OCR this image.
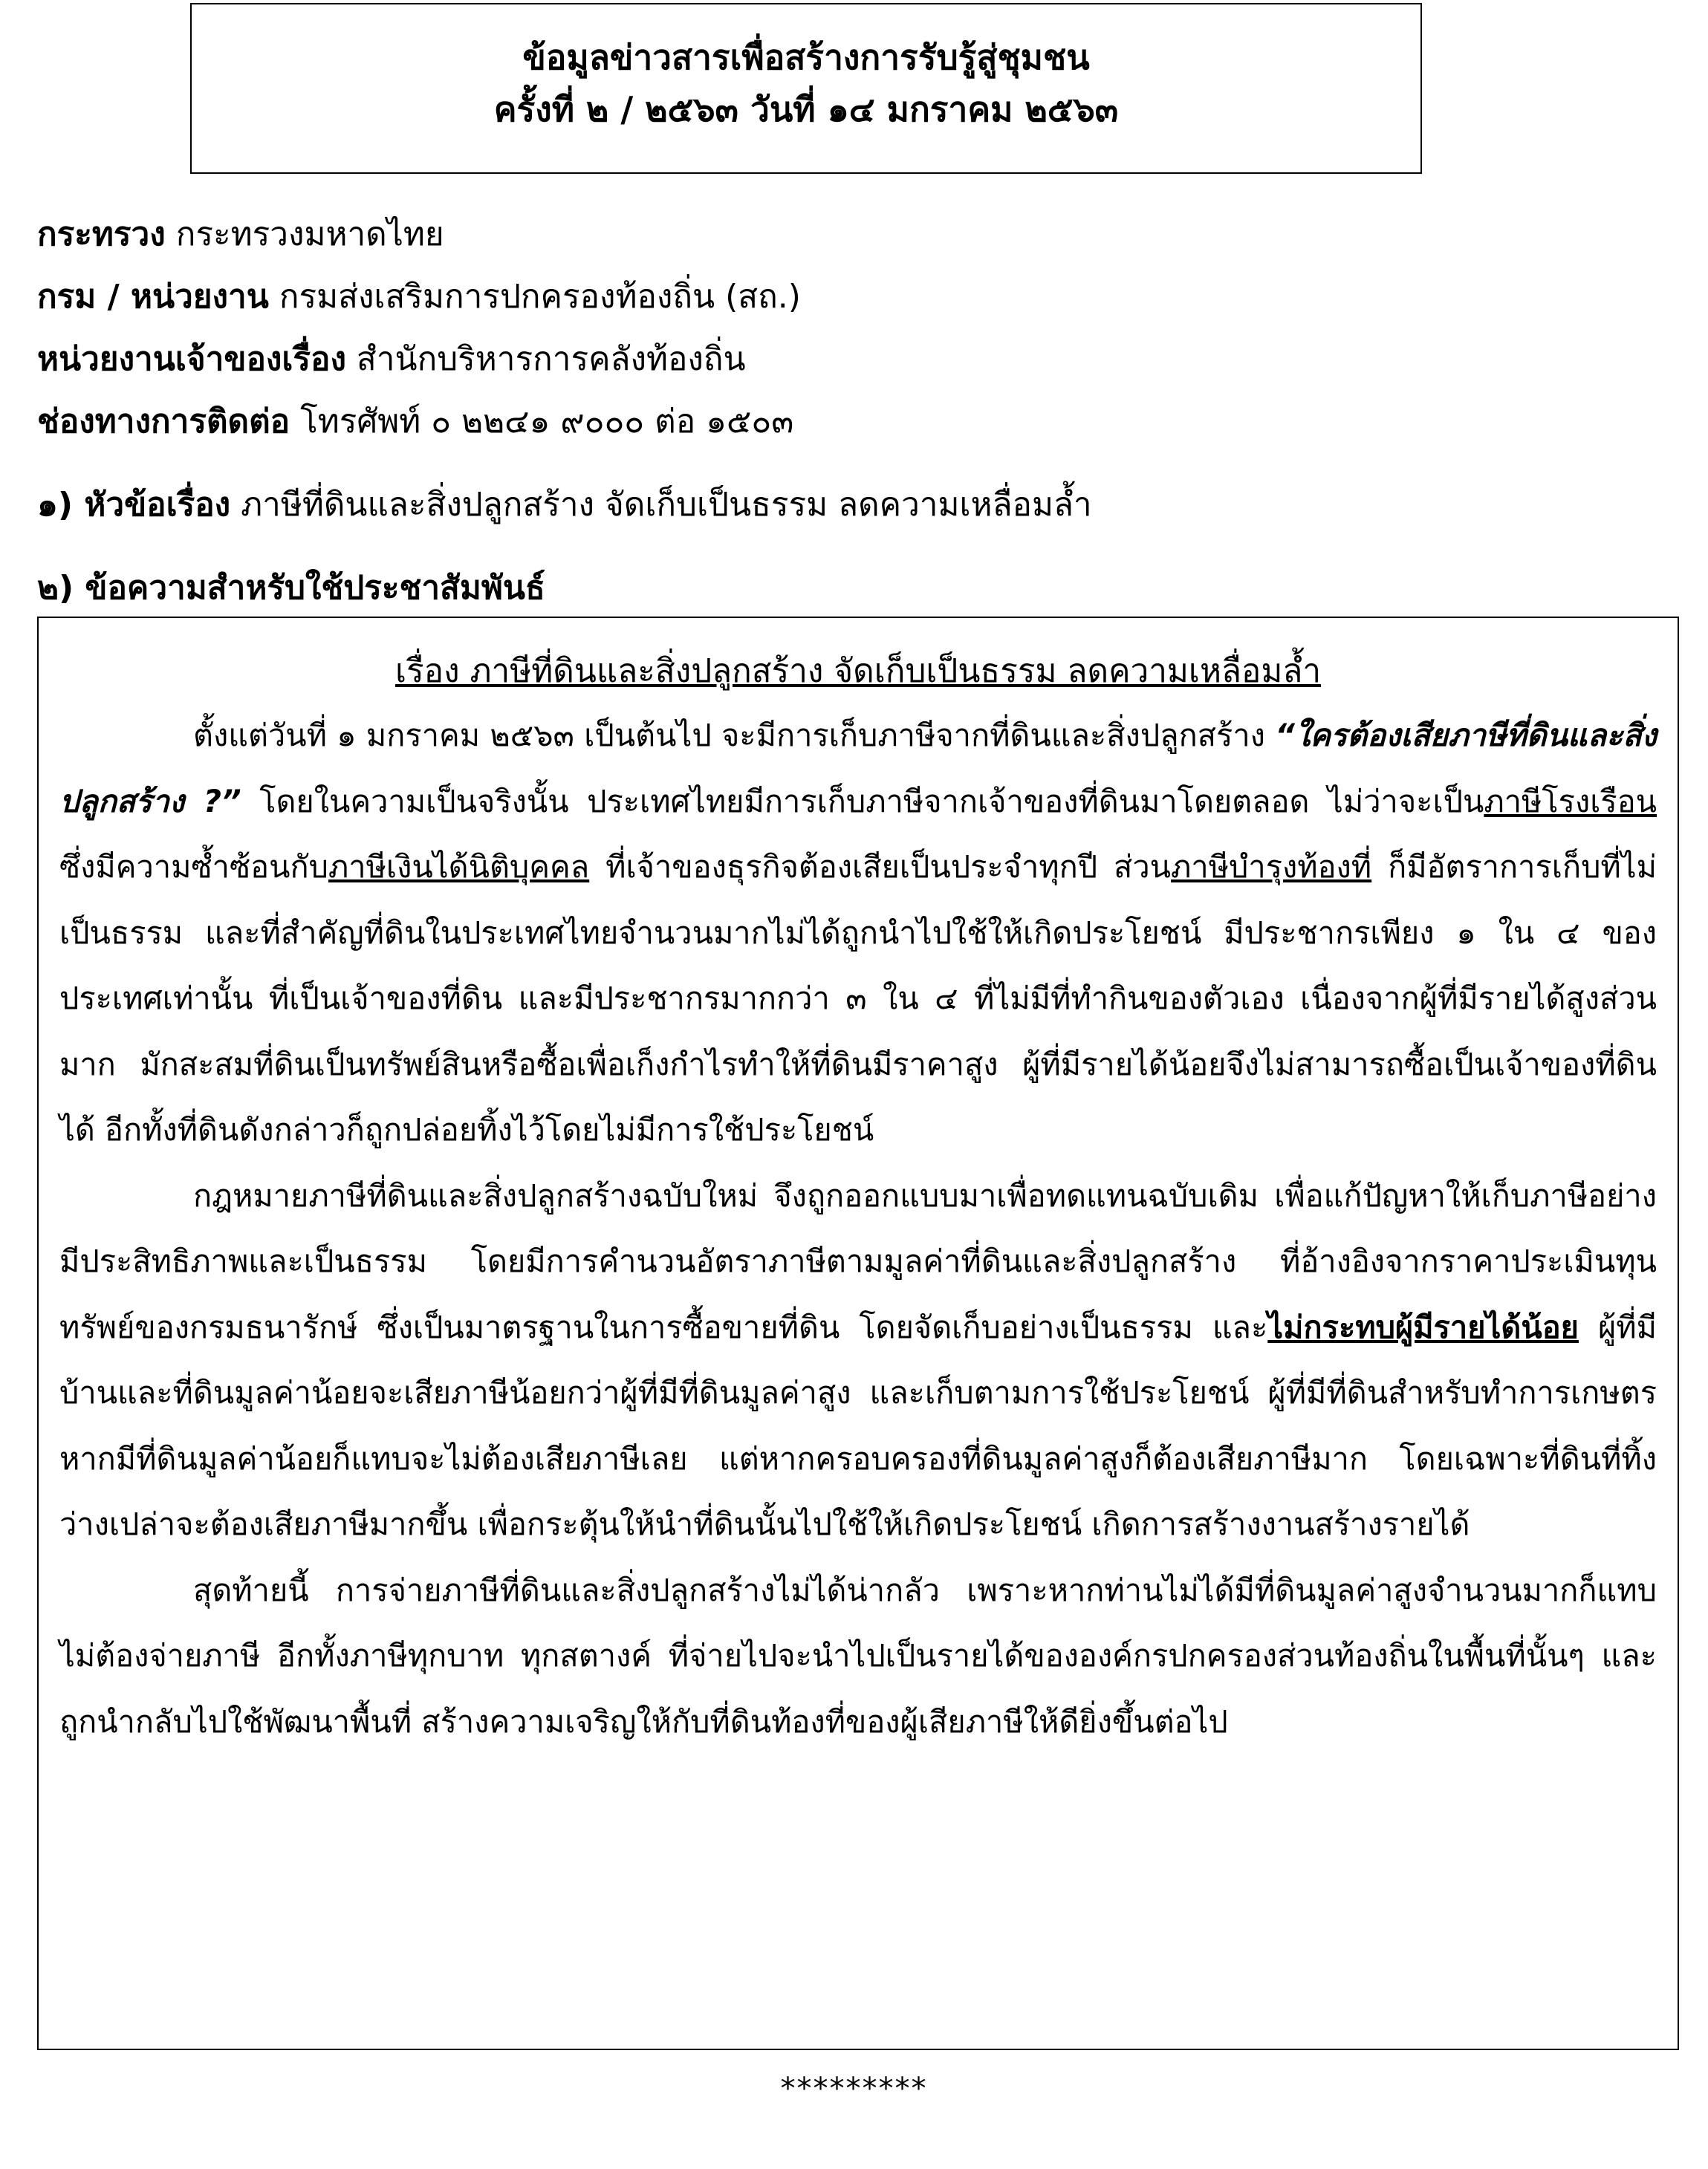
ข้อมูลข่าวสารเพื่อสร้างการรับรู้สู่ชุมชน
ครั้งที่ ๒ / ๒๕๖๓ วันที่ ๑๔ มกราคม ๒๕๖๓
กระทรวง กระทรวงมหาดไทย
กรม / หน่วยงาน กรมส่งเสริมการปกครองท้องถิ่น (สถ.)
หน่วยงานเจ้าของเรื่อง สำนักบริหารการคลังท้องถิ่น
ช่องทางการติดต่อ โทรศัพท์ ๐ ๒๒๔๑ ๙๐๐๐ ต่อ ๑๕๐๓
๑) หัวข้อเรื่อง ภาษีที่ดินและสิ่งปลูกสร้าง จัดเก็บเป็นธรรม ลดความเหลื่อมล้ำ
๒) ข้อความสำหรับใช้ประชาสัมพันธ์
เรื่อง ภาษีที่ดินและสิ่งปลูกสร้าง จัดเก็บเป็นธรรม ลดความเหลื่อมล้ำ

ตั้งแต่วันที่ ๑ มกราคม ๒๕๖๓ เป็นต้นไป จะมีการเก็บภาษีจากที่ดินและสิ่งปลูกสร้าง “ใครต้องเสียภาษีที่ดินและสิ่งปลูกสร้าง ?” โดยในความเป็นจริงนั้น ประเทศไทยมีการเก็บภาษีจากเจ้าของที่ดินมาโดยตลอด ไม่ว่าจะเป็นภาษีโรงเรือน ซึ่งมีความซ้ำซ้อนกับภาษีเงินได้นิติบุคคล ที่เจ้าของธุรกิจต้องเสียเป็นประจำทุกปี ส่วนภาษีบำรุงท้องที่ ก็มีอัตราการเก็บที่ไม่เป็นธรรม และที่สำคัญที่ดินในประเทศไทยจำนวนมากไม่ได้ถูกนำไปใช้ให้เกิดประโยชน์ มีประชากรเพียง ๑ ใน ๔ ของประเทศเท่านั้น ที่เป็นเจ้าของที่ดิน และมีประชากรมากกว่า ๓ ใน ๔ ที่ไม่มีที่ทำกินของตัวเอง เนื่องจากผู้ที่มีรายได้สูงส่วนมาก มักสะสมที่ดินเป็นทรัพย์สินหรือซื้อเพื่อเก็งกำไรทำให้ที่ดินมีราคาสูง ผู้ที่มีรายได้น้อยจึงไม่สามารถซื้อเป็นเจ้าของที่ดินได้ อีกทั้งที่ดินดังกล่าวก็ถูกปล่อยทิ้งไว้โดยไม่มีการใช้ประโยชน์

กฎหมายภาษีที่ดินและสิ่งปลูกสร้างฉบับใหม่ จึงถูกออกแบบมาเพื่อทดแทนฉบับเดิม เพื่อแก้ปัญหาให้เก็บภาษีอย่างมีประสิทธิภาพและเป็นธรรม โดยมีการคำนวนอัตราภาษีตามมูลค่าที่ดินและสิ่งปลูกสร้าง ที่อ้างอิงจากราคาประเมินทุนทรัพย์ของกรมธนารักษ์ ซึ่งเป็นมาตรฐานในการซื้อขายที่ดิน โดยจัดเก็บอย่างเป็นธรรม และไม่กระทบผู้มีรายได้น้อย ผู้ที่มีบ้านและที่ดินมูลค่าน้อยจะเสียภาษีน้อยกว่าผู้ที่มีที่ดินมูลค่าสูง และเก็บตามการใช้ประโยชน์ ผู้ที่มีที่ดินสำหรับทำการเกษตร หากมีที่ดินมูลค่าน้อยก็แทบจะไม่ต้องเสียภาษีเลย แต่หากครอบครองที่ดินมูลค่าสูงก็ต้องเสียภาษีมาก โดยเฉพาะที่ดินที่ทิ้งว่างเปล่าจะต้องเสียภาษีมากขึ้น เพื่อกระตุ้นให้นำที่ดินนั้นไปใช้ให้เกิดประโยชน์ เกิดการสร้างงานสร้างรายได้

สุดท้ายนี้ การจ่ายภาษีที่ดินและสิ่งปลูกสร้างไม่ได้น่ากลัว เพราะหากท่านไม่ได้มีที่ดินมูลค่าสูงจำนวนมากก็แทบไม่ต้องจ่ายภาษี อีกทั้งภาษีทุกบาท ทุกสตางค์ ที่จ่ายไปจะนำไปเป็นรายได้ขององค์กรปกครองส่วนท้องถิ่นในพื้นที่นั้นๆ และถูกนำกลับไปใช้พัฒนาพื้นที่ สร้างความเจริญให้กับที่ดินท้องที่ของผู้เสียภาษีให้ดียิ่งขึ้นต่อไป

*********
